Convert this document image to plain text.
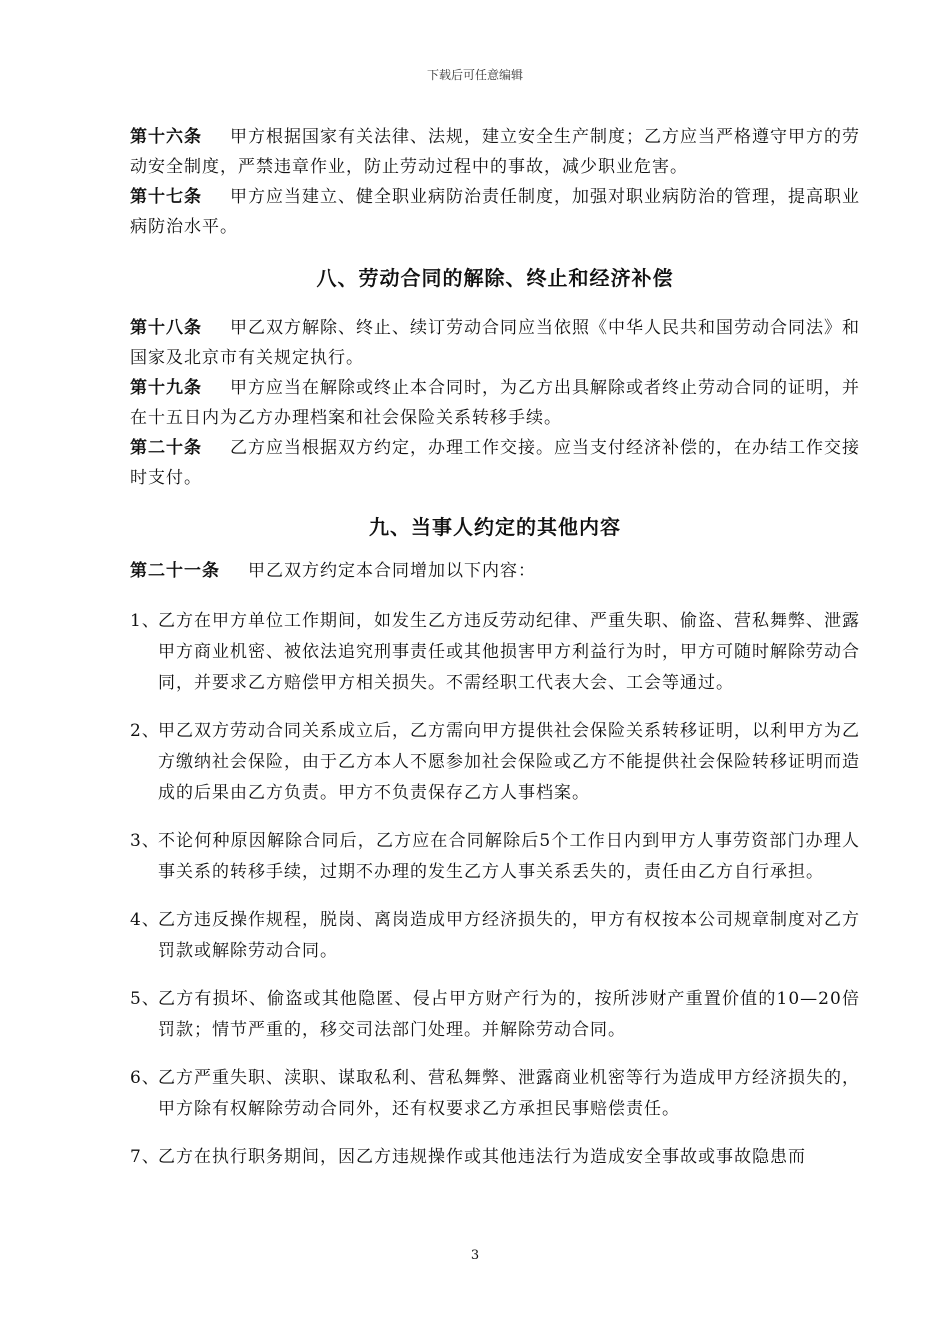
下载后可任意编辑

第十六条 甲方根据国家有关法律、法规，建立安全生产制度；乙方应当严格遵守甲方的劳动安全制度，严禁违章作业，防止劳动过程中的事故，减少职业危害。

第十七条 甲方应当建立、健全职业病防治责任制度，加强对职业病防治的管理，提高职业病防治水平。

八、劳动合同的解除、终止和经济补偿

第十八条 甲乙双方解除、终止、续订劳动合同应当依照《中华人民共和国劳动合同法》和国家及北京市有关规定执行。

第十九条 甲方应当在解除或终止本合同时，为乙方出具解除或者终止劳动合同的证明，并在十五日内为乙方办理档案和社会保险关系转移手续。

第二十条 乙方应当根据双方约定，办理工作交接。应当支付经济补偿的，在办结工作交接时支付。

九、当事人约定的其他内容

第二十一条 甲乙双方约定本合同增加以下内容：

1、
乙方在甲方单位工作期间，如发生乙方违反劳动纪律、严重失职、偷盗、营私舞弊、泄露甲方商业机密、被依法追究刑事责任或其他损害甲方利益行为时，甲方可随时解除劳动合同，并要求乙方赔偿甲方相关损失。不需经职工代表大会、工会等通过。

2、
甲乙双方劳动合同关系成立后，乙方需向甲方提供社会保险关系转移证明，以利甲方为乙方缴纳社会保险，由于乙方本人不愿参加社会保险或乙方不能提供社会保险转移证明而造成的后果由乙方负责。甲方不负责保存乙方人事档案。

3、
不论何种原因解除合同后，乙方应在合同解除后5个工作日内到甲方人事劳资部门办理人事关系的转移手续，过期不办理的发生乙方人事关系丢失的，责任由乙方自行承担。

4、
乙方违反操作规程，脱岗、离岗造成甲方经济损失的，甲方有权按本公司规章制度对乙方罚款或解除劳动合同。

5、
乙方有损坏、偷盗或其他隐匿、侵占甲方财产行为的，按所涉财产重置价值的10—20倍罚款；情节严重的，移交司法部门处理。并解除劳动合同。

6、
乙方严重失职、渎职、谋取私利、营私舞弊、泄露商业机密等行为造成甲方经济损失的，甲方除有权解除劳动合同外，还有权要求乙方承担民事赔偿责任。

7、
乙方在执行职务期间，因乙方违规操作或其他违法行为造成安全事故或事故隐患而

3
